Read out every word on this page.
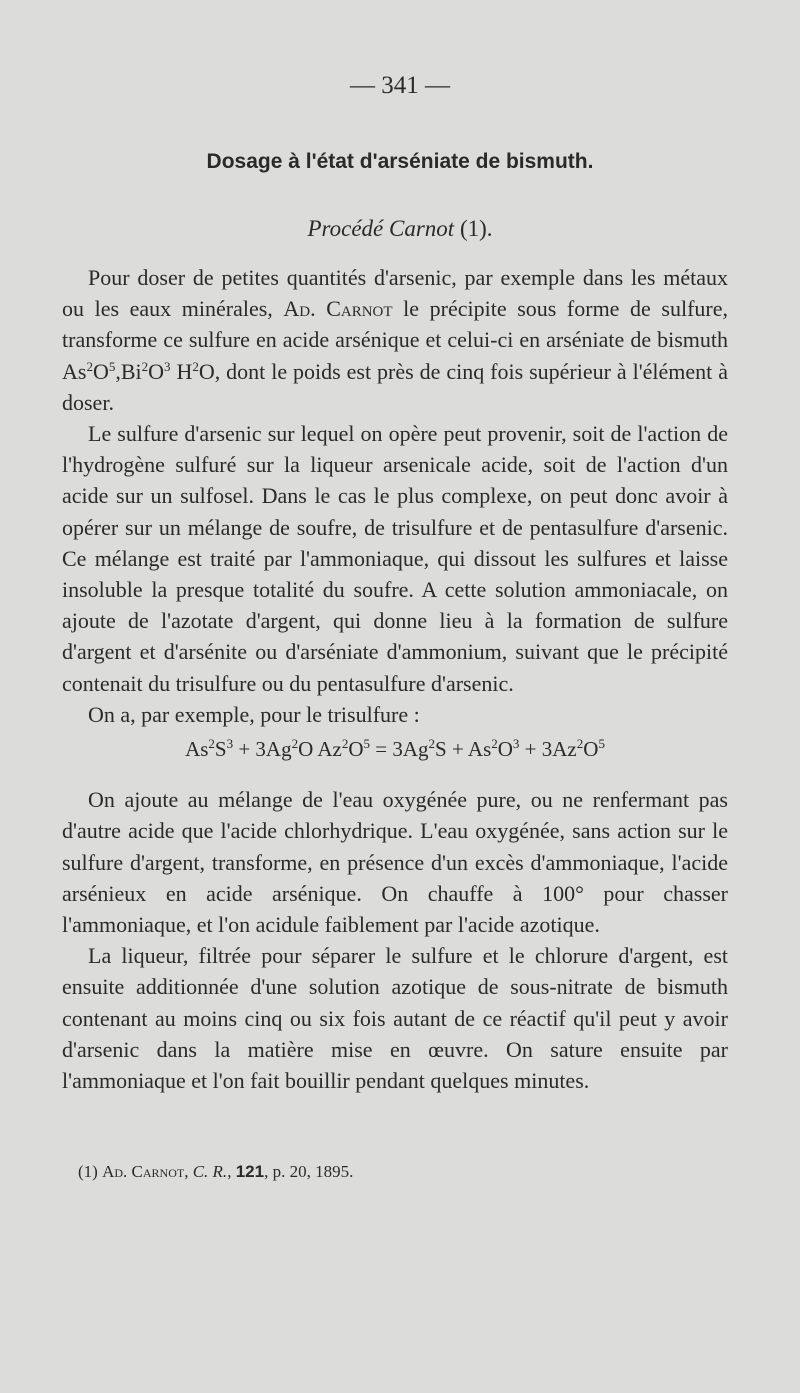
— 341 —
Dosage à l'état d'arséniate de bismuth.
Procédé Carnot (1).

Pour doser de petites quantités d'arsenic, par exemple dans les métaux ou les eaux minérales, Ad. Carnot le précipite sous forme de sulfure, transforme ce sulfure en acide arsénique et celui-ci en arséniate de bismuth $As^2O^5,Bi^2O^3$ $H^2O$, dont le poids est près de cinq fois supérieur à l'élément à doser.

Le sulfure d'arsenic sur lequel on opère peut provenir, soit de l'action de l'hydrogène sulfuré sur la liqueur arsenicale acide, soit de l'action d'un acide sur un sulfosel. Dans le cas le plus complexe, on peut donc avoir à opérer sur un mélange de soufre, de trisulfure et de pentasulfure d'arsenic. Ce mélange est traité par l'ammoniaque, qui dissout les sulfures et laisse insoluble la presque totalité du soufre. A cette solution ammoniacale, on ajoute de l'azotate d'argent, qui donne lieu à la formation de sulfure d'argent et d'arsénite ou d'arséniate d'ammonium, suivant que le précipité contenait du trisulfure ou du pentasulfure d'arsenic.

On a, par exemple, pour le trisulfure :

$As^2S^3 + 3Ag^2O$ $Az^2O^5 = 3Ag^2S + As^2O^3 + 3Az^2O^5$

On ajoute au mélange de l'eau oxygénée pure, ou ne renfermant pas d'autre acide que l'acide chlorhydrique. L'eau oxygénée, sans action sur le sulfure d'argent, transforme, en présence d'un excès d'ammoniaque, l'acide arsénieux en acide arsénique. On chauffe à 100° pour chasser l'ammoniaque, et l'on acidule faiblement par l'acide azotique.

La liqueur, filtrée pour séparer le sulfure et le chlorure d'argent, est ensuite additionnée d'une solution azotique de sous-nitrate de bismuth contenant au moins cinq ou six fois autant de ce réactif qu'il peut y avoir d'arsenic dans la matière mise en œuvre. On sature ensuite par l'ammoniaque et l'on fait bouillir pendant quelques minutes.

(1) Ad. Carnot, C. R., 121, p. 20, 1895.
